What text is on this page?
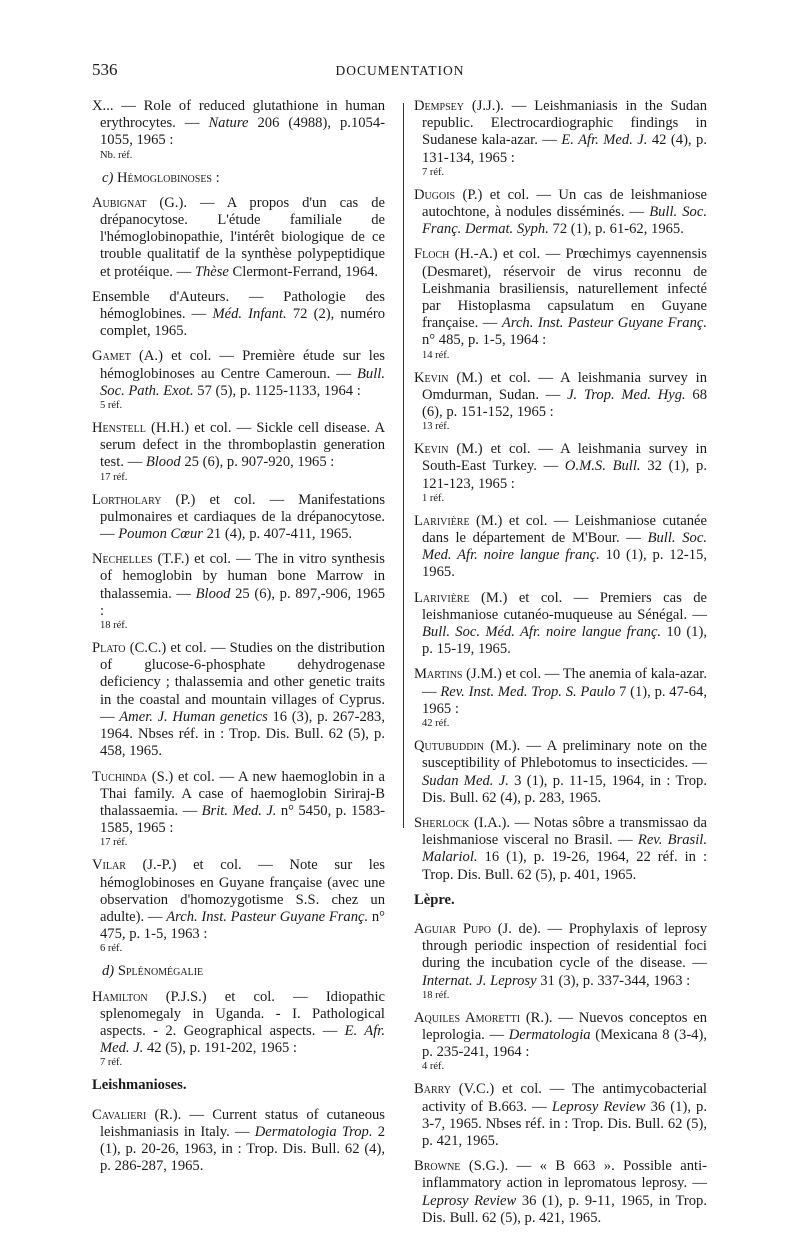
536	DOCUMENTATION
X... — Role of reduced glutathione in human erythrocytes. — Nature 206 (4988), p.1054-1055, 1965 :
Nb. réf.
c) Hémoglobinoses :
Aubignat (G.). — A propos d'un cas de drépanocytose. L'étude familiale de l'hémoglobinopathie, l'intérêt biologique de ce trouble qualitatif de la synthèse polypeptidique et protéique. — Thèse Clermont-Ferrand, 1964.
Ensemble d'Auteurs. — Pathologie des hémoglobines. — Méd. Infant. 72 (2), numéro complet, 1965.
Gamet (A.) et col. — Première étude sur les hémoglobinoses au Centre Cameroun. — Bull. Soc. Path. Exot. 57 (5), p. 1125-1133, 1964 :
5 réf.
Henstell (H.H.) et col. — Sickle cell disease. A serum defect in the thromboplastin generation test. — Blood 25 (6), p. 907-920, 1965 :
17 réf.
Lortholary (P.) et col. — Manifestations pulmonaires et cardiaques de la drépanocytose. — Poumon Cœur 21 (4), p. 407-411, 1965.
Nechelles (T.F.) et col. — The in vitro synthesis of hemoglobin by human bone Marrow in thalassemia. — Blood 25 (6), p. 897,-906, 1965 :
18 réf.
Plato (C.C.) et col. — Studies on the distribution of glucose-6-phosphate dehydrogenase deficiency ; thalassemia and other genetic traits in the coastal and mountain villages of Cyprus. — Amer. J. Human genetics 16 (3), p. 267-283, 1964. Nbses réf. in : Trop. Dis. Bull. 62 (5), p. 458, 1965.
Tuchinda (S.) et col. — A new haemoglobin in a Thai family. A case of haemoglobin Siriraj-B thalassaemia. — Brit. Med. J. n° 5450, p. 1583-1585, 1965 :
17 réf.
Vilar (J.-P.) et col. — Note sur les hémoglobinoses en Guyane française (avec une observation d'homozygotisme S.S. chez un adulte). — Arch. Inst. Pasteur Guyane Franç. n° 475, p. 1-5, 1963 :
6 réf.
d) Splénomégalie
Hamilton (P.J.S.) et col. — Idiopathic splenomegaly in Uganda. - I. Pathological aspects. - 2. Geographical aspects. — E. Afr. Med. J. 42 (5), p. 191-202, 1965 :
7 réf.
Leishmanioses.
Cavalieri (R.). — Current status of cutaneous leishmaniasis in Italy. — Dermatologia Trop. 2 (1), p. 20-26, 1963, in : Trop. Dis. Bull. 62 (4), p. 286-287, 1965.
Dempsey (J.J.). — Leishmaniasis in the Sudan republic. Electrocardiographic findings in Sudanese kala-azar. — E. Afr. Med. J. 42 (4), p. 131-134, 1965 :
7 réf.
Dugois (P.) et col. — Un cas de leishmaniose autochtone, à nodules disséminés. — Bull. Soc. Franç. Dermat. Syph. 72 (1), p. 61-62, 1965.
Floch (H.-A.) et col. — Prœchimys cayennensis (Desmaret), réservoir de virus reconnu de Leishmania brasiliensis, naturellement infecté par Histoplasma capsulatum en Guyane française. — Arch. Inst. Pasteur Guyane Franç. n° 485, p. 1-5, 1964 :
14 réf.
Kevin (M.) et col. — A leishmania survey in Omdurman, Sudan. — J. Trop. Med. Hyg. 68 (6), p. 151-152, 1965 :
13 réf.
Kevin (M.) et col. — A leishmania survey in South-East Turkey. — O.M.S. Bull. 32 (1), p. 121-123, 1965 :
1 réf.
Larivière (M.) et col. — Leishmaniose cutanée dans le département de M'Bour. — Bull. Soc. Med. Afr. noire langue franç. 10 (1), p. 12-15, 1965.
Larivière (M.) et col. — Premiers cas de leishmaniose cutanéo-muqueuse au Sénégal. — Bull. Soc. Méd. Afr. noire langue franç. 10 (1), p. 15-19, 1965.
Martins (J.M.) et col. — The anemia of kala-azar. — Rev. Inst. Med. Trop. S. Paulo 7 (1), p. 47-64, 1965 :
42 réf.
Qutubuddin (M.). — A preliminary note on the susceptibility of Phlebotomus to insecticides. — Sudan Med. J. 3 (1), p. 11-15, 1964, in : Trop. Dis. Bull. 62 (4), p. 283, 1965.
Sherlock (I.A.). — Notas sôbre a transmissao da leishmaniose visceral no Brasil. — Rev. Brasil. Malariol. 16 (1), p. 19-26, 1964, 22 réf. in : Trop. Dis. Bull. 62 (5), p. 401, 1965.
Lèpre.
Aguiar Pupo (J. de). — Prophylaxis of leprosy through periodic inspection of residential foci during the incubation cycle of the disease. — Internat. J. Leprosy 31 (3), p. 337-344, 1963 :
18 réf.
Aquiles Amoretti (R.). — Nuevos conceptos en leprologia. — Dermatologia (Mexicana 8 (3-4), p. 235-241, 1964 :
4 réf.
Barry (V.C.) et col. — The antimycobacterial activity of B.663. — Leprosy Review 36 (1), p. 3-7, 1965. Nbses réf. in : Trop. Dis. Bull. 62 (5), p. 421, 1965.
Browne (S.G.). — « B 663 ». Possible anti-inflammatory action in lepromatous leprosy. — Leprosy Review 36 (1), p. 9-11, 1965, in Trop. Dis. Bull. 62 (5), p. 421, 1965.
